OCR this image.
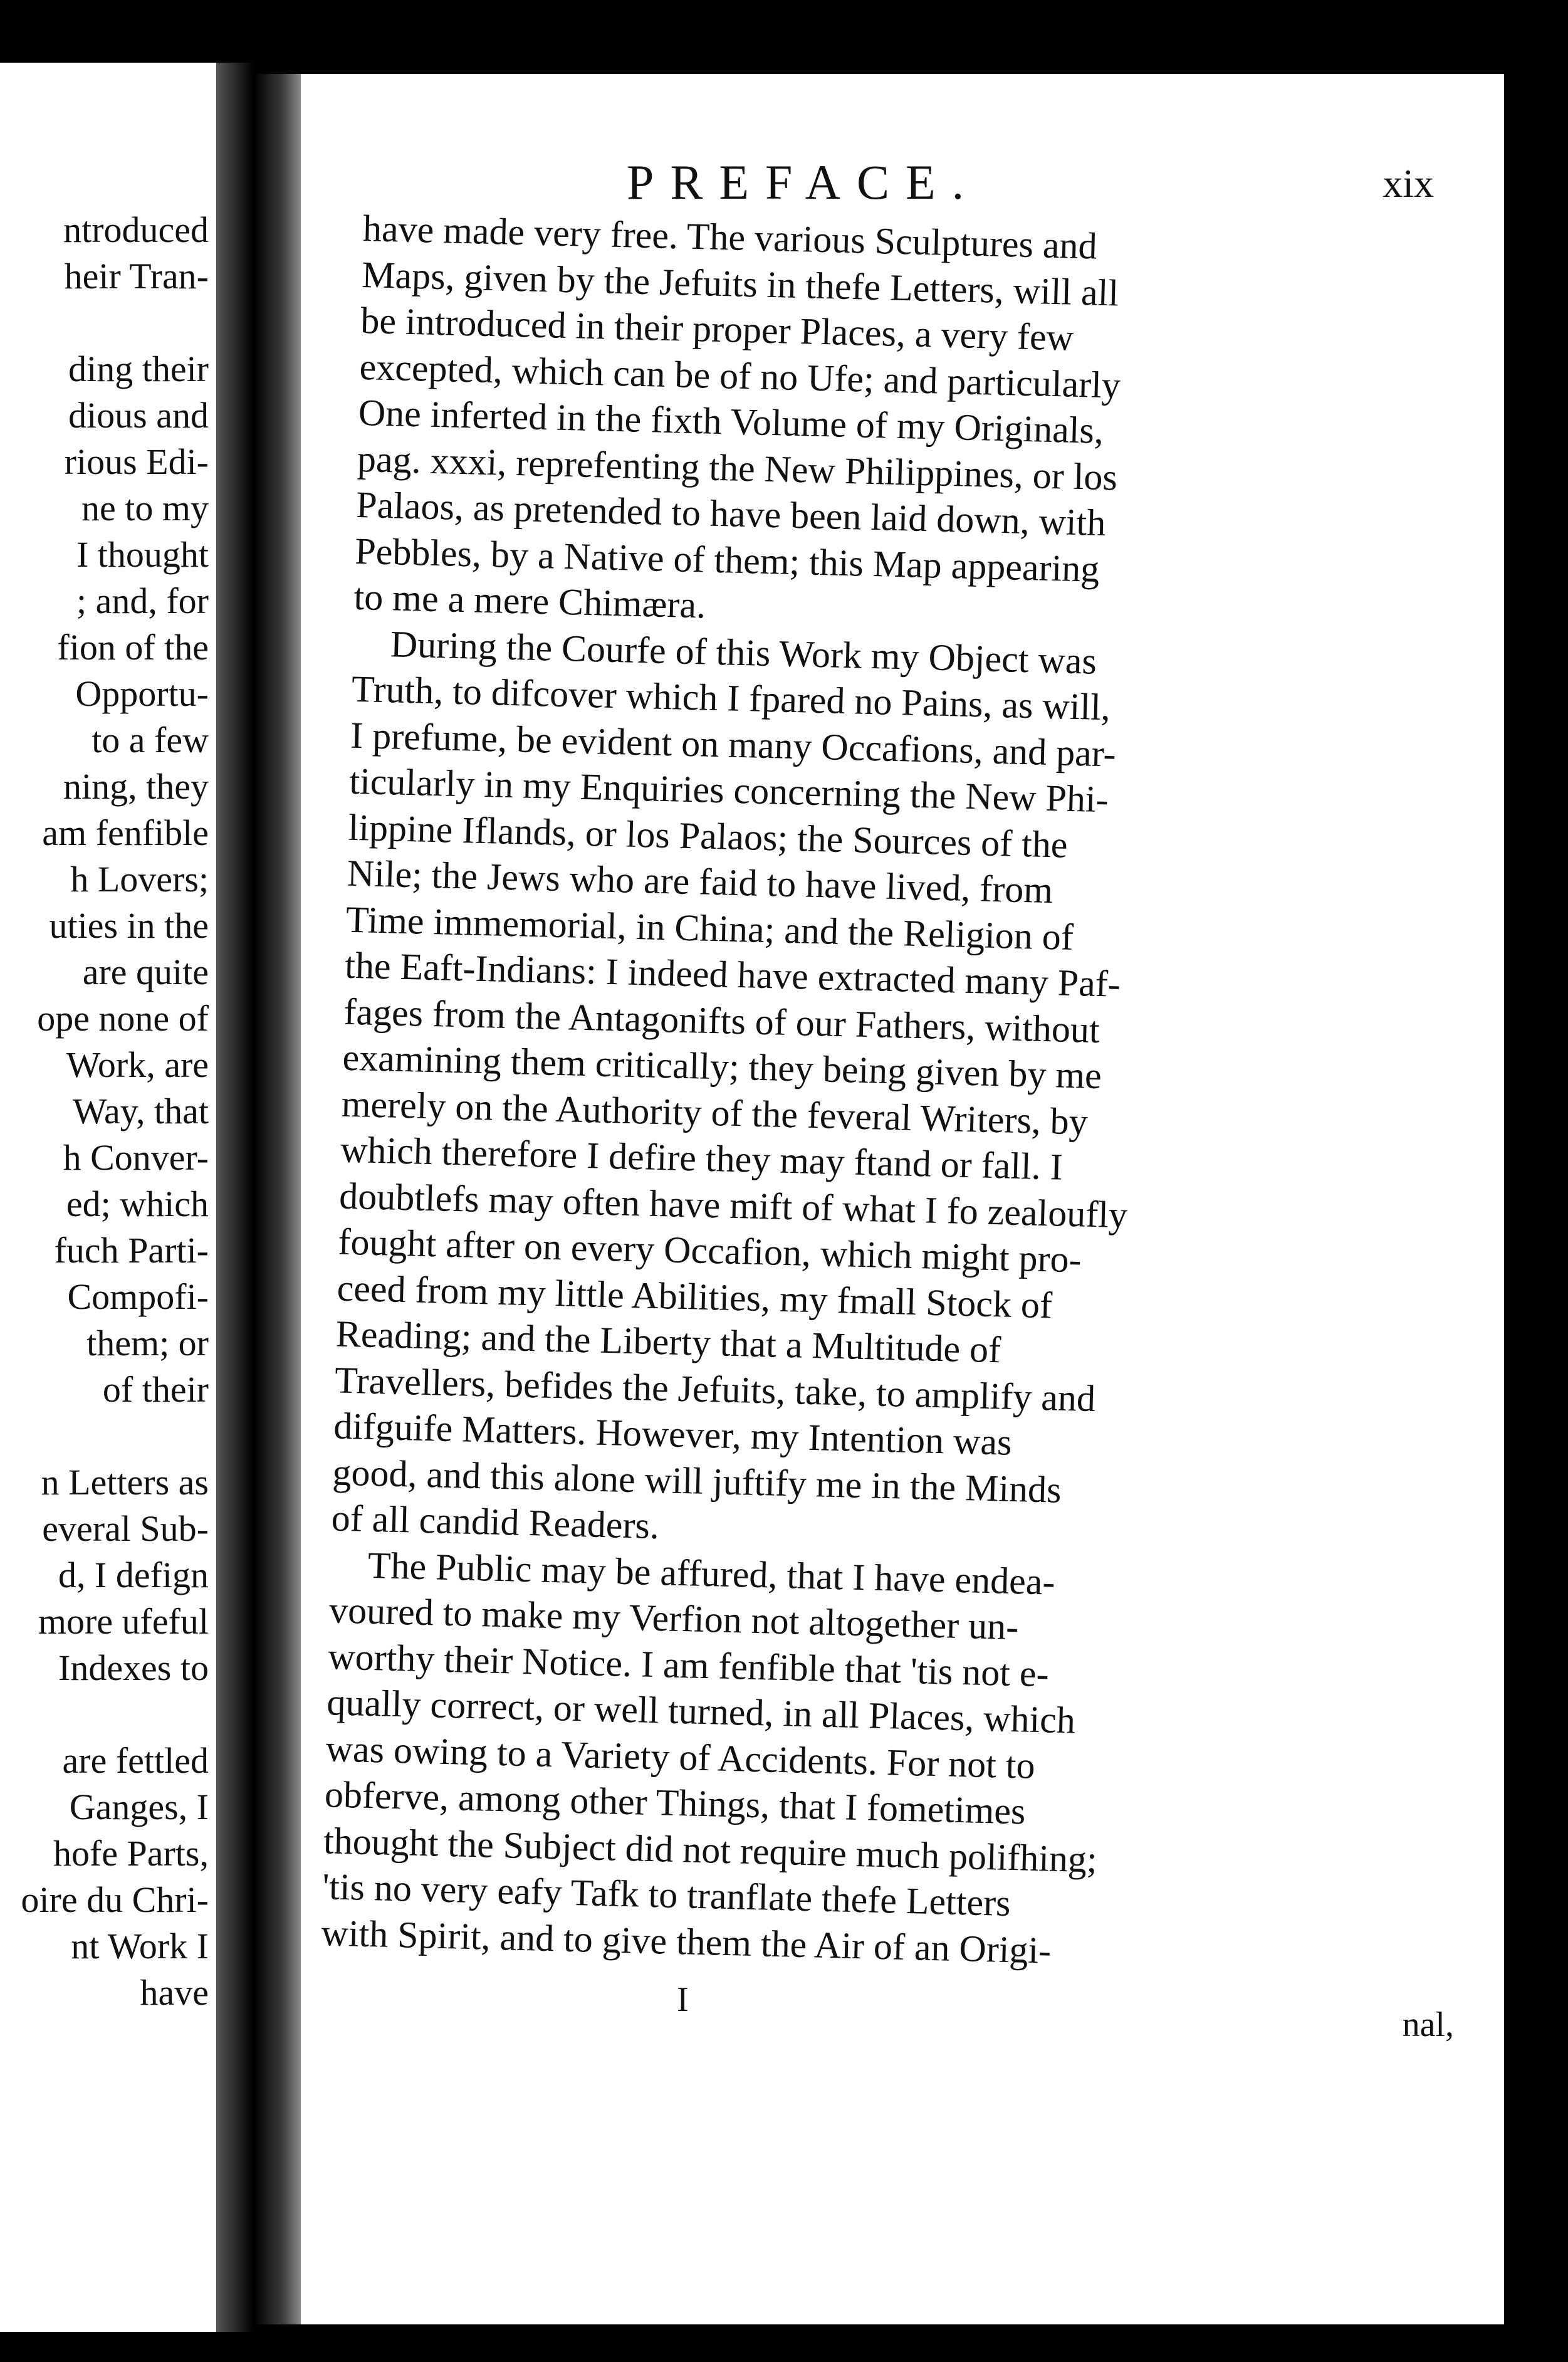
ntroduced
heir Tran-
ding their
dious and
rious Edi-
ne to my
I thought
; and, for
fion of the
Opportu-
to a few
ning, they
am fenfible
h Lovers;
uties in the
are quite
ope none of
Work, are
Way, that
h Conver-
ed; which
fuch Parti-
Compofi-
them; or
of their
n Letters as
everal Sub-
d, I defign
more ufeful
Indexes to
are fettled
Ganges, I
hofe Parts,
oire du Chri-
nt Work I
have
PREFACE.	xix
have made very free. The various Sculptures and
Maps, given by the Jefuits in thefe Letters, will all
be introduced in their proper Places, a very few
excepted, which can be of no Ufe; and particularly
One inferted in the fixth Volume of my Originals,
pag. xxxi, reprefenting the New Philippines, or los
Palaos, as pretended to have been laid down, with
Pebbles, by a Native of them; this Map appearing
to me a mere Chimæra.
During the Courfe of this Work my Object was
Truth, to difcover which I fpared no Pains, as will,
I prefume, be evident on many Occafions, and par-
ticularly in my Enquiries concerning the New Phi-
lippine Iflands, or los Palaos; the Sources of the
Nile; the Jews who are faid to have lived, from
Time immemorial, in China; and the Religion of
the Eaft-Indians: I indeed have extracted many Paf-
fages from the Antagonifts of our Fathers, without
examining them critically; they being given by me
merely on the Authority of the feveral Writers, by
which therefore I defire they may ftand or fall. I
doubtlefs may often have mift of what I fo zealoufly
fought after on every Occafion, which might pro-
ceed from my little Abilities, my fmall Stock of
Reading; and the Liberty that a Multitude of
Travellers, befides the Jefuits, take, to amplify and
difguife Matters. However, my Intention was
good, and this alone will juftify me in the Minds
of all candid Readers.
The Public may be affured, that I have endea-
voured to make my Verfion not altogether un-
worthy their Notice. I am fenfible that 'tis not e-
qually correct, or well turned, in all Places, which
was owing to a Variety of Accidents. For not to
obferve, among other Things, that I fometimes
thought the Subject did not require much polifhing;
'tis no very eafy Tafk to tranflate thefe Letters
with Spirit, and to give them the Air of an Origi-
I
nal,
